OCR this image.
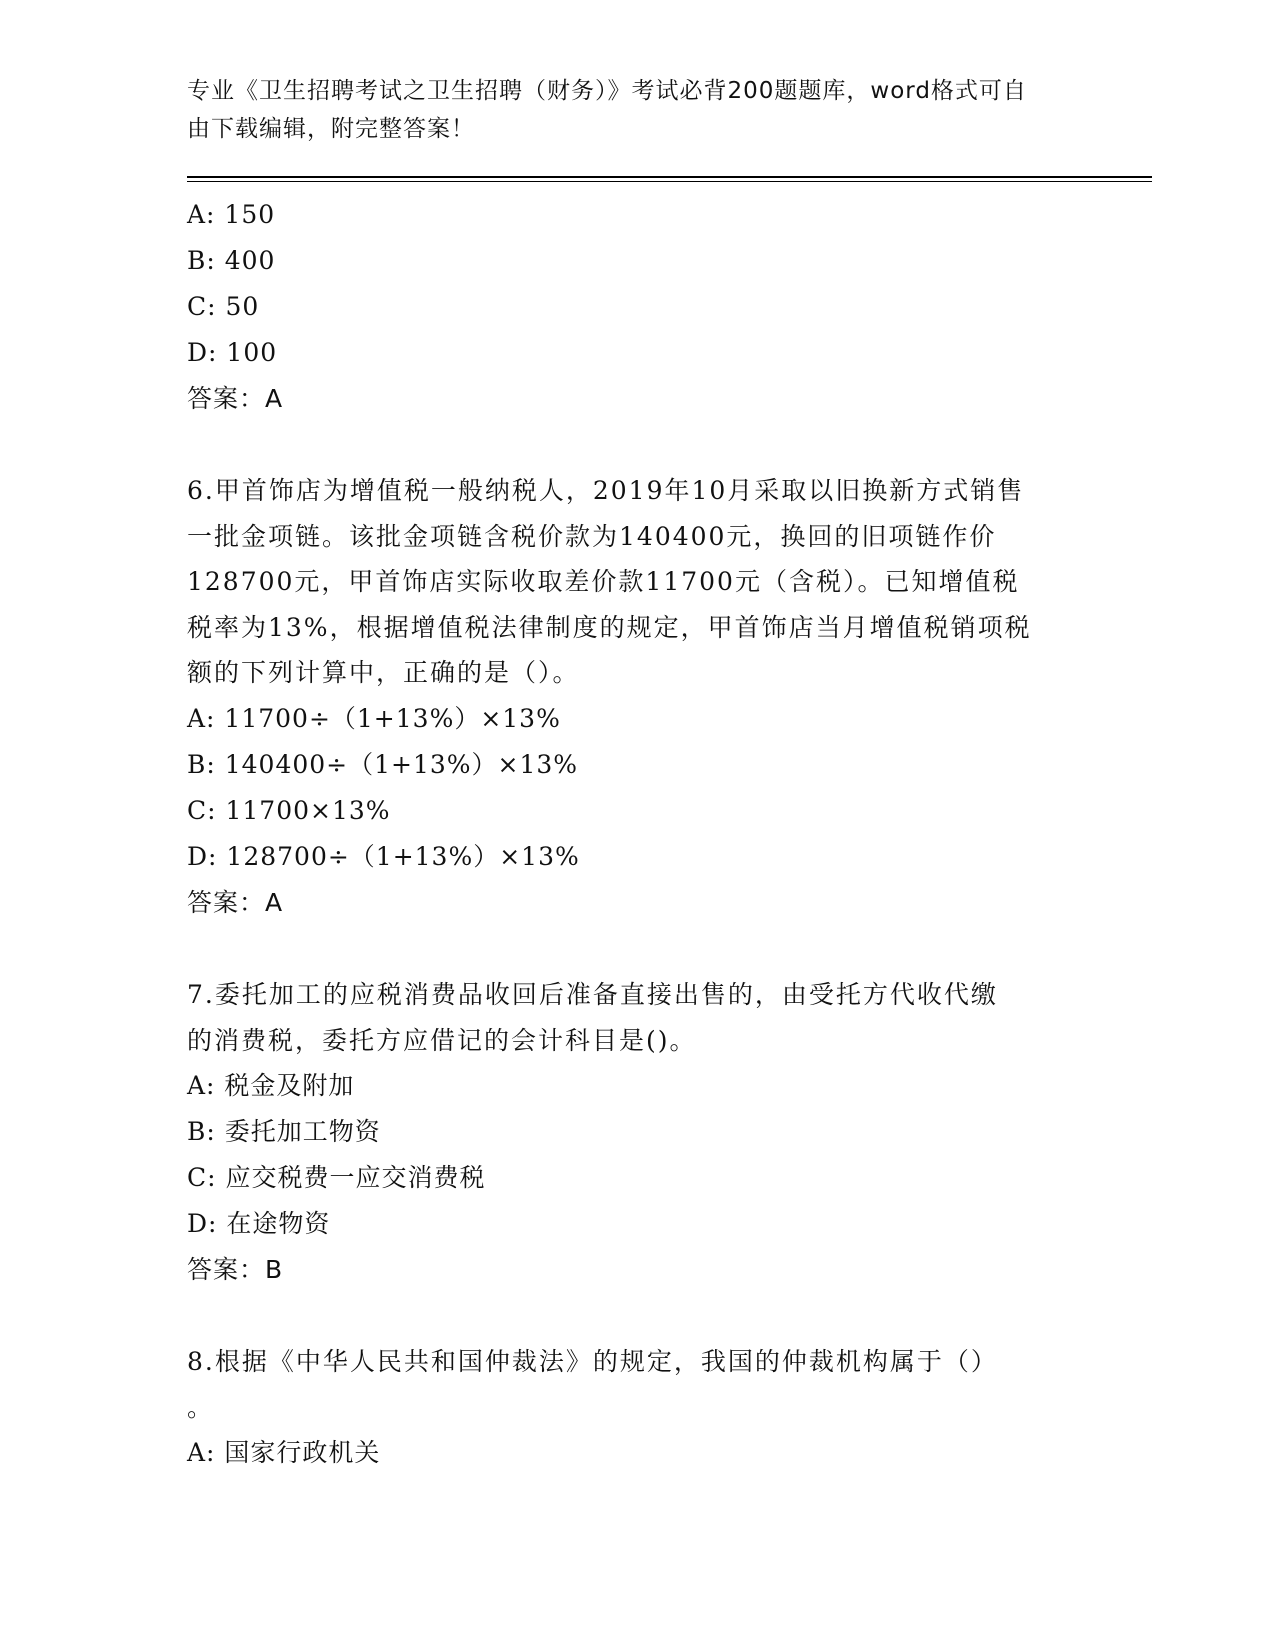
专业《卫生招聘考试之卫生招聘（财务）》考试必背200题题库，word格式可自
由下载编辑，附完整答案！
A: 150
B: 400
C: 50
D: 100
答案：A
6.甲首饰店为增值税一般纳税人，2019年10月采取以旧换新方式销售
一批金项链。该批金项链含税价款为140400元，换回的旧项链作价
128700元，甲首饰店实际收取差价款11700元（含税）。已知增值税
税率为13%，根据增值税法律制度的规定，甲首饰店当月增值税销项税
额的下列计算中，正确的是（）。
A: 11700÷（1+13%）×13%
B: 140400÷（1+13%）×13%
C: 11700×13%
D: 128700÷（1+13%）×13%
答案：A
7.委托加工的应税消费品收回后准备直接出售的，由受托方代收代缴
的消费税，委托方应借记的会计科目是()。
A: 税金及附加
B: 委托加工物资
C: 应交税费一应交消费税
D: 在途物资
答案：B
8.根据《中华人民共和国仲裁法》的规定，我国的仲裁机构属于（）
。
A: 国家行政机关
